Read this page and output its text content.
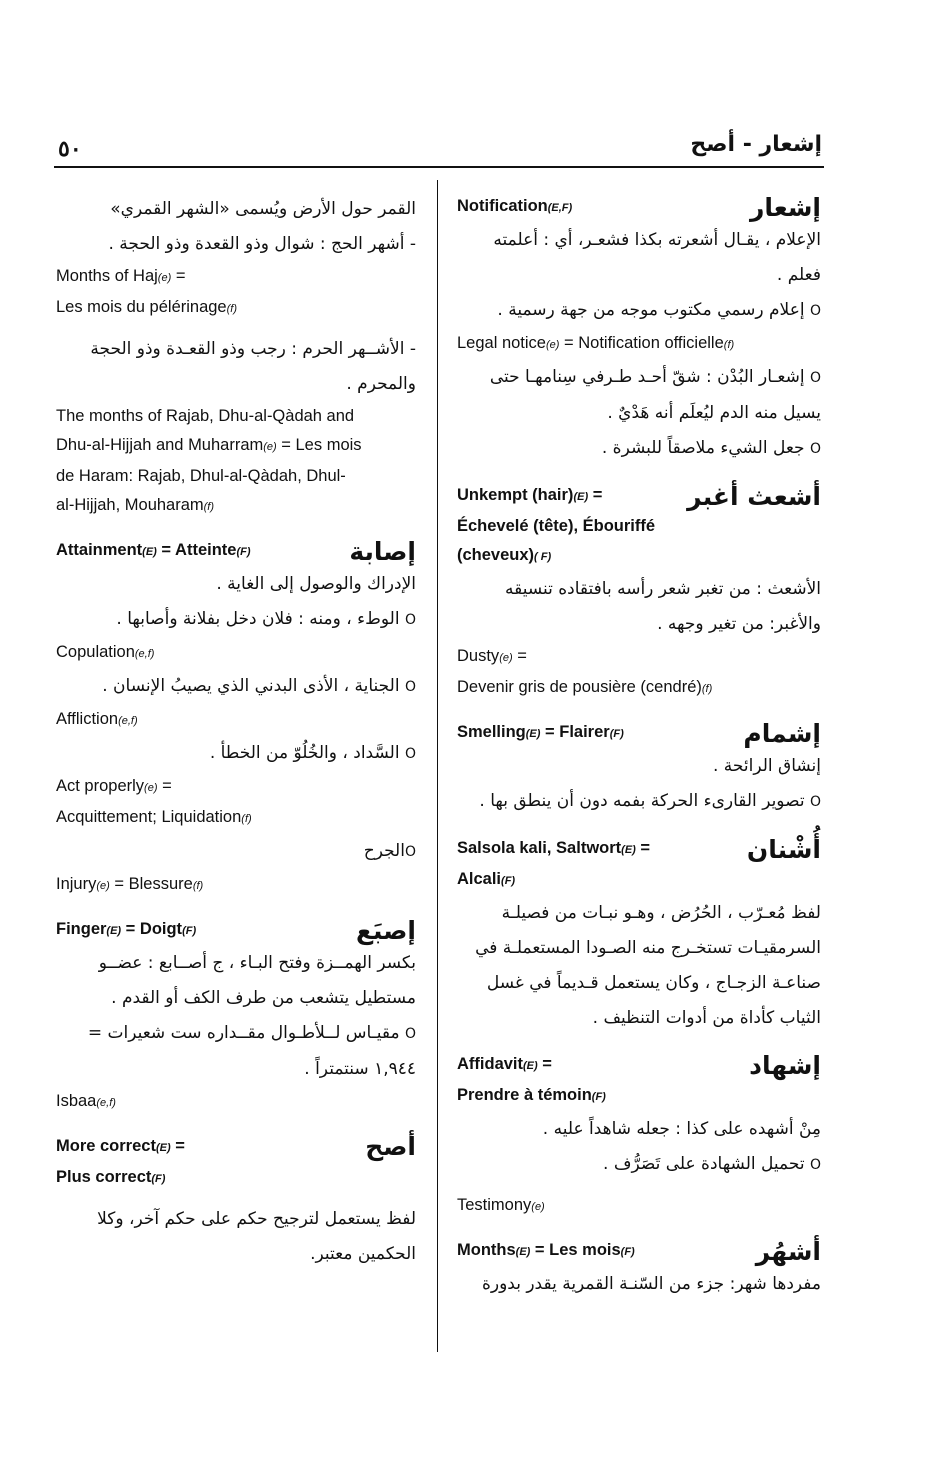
٥٠	إشعار - أصح

القمر حول الأرض ويُسمى «الشهر القمري»

- أشهر الحج : شوال وذو القعدة وذو الحجة .

Months of Haj(e) =

Les mois du pélérinage(f)

- الأشــهر الحرم : رجب وذو القعـدة وذو الحجة

والمحرم .

The months of Rajab, Dhu-al-Qàdah and

Dhu-al-Hijjah and Muharram(e) = Les mois

de Haram: Rajab, Dhul-al-Qàdah, Dhul-

al-Hijjah, Mouharam(f)

Attainment(E) = Atteinte(F)	إصابة

الإدراك والوصول إلى الغاية .

O الوطء ، ومنه : فلان دخل بفلانة وأصابها .

Copulation(e,f)

O الجناية ، الأذى البدني الذي يصيبُ الإنسان .

Affliction(e,f)

O السَّداد ، والخُلُوّ من الخطأ .

Act properly(e) =

Acquittement; Liquidation(f)

Oالجرح

Injury(e) = Blessure(f)

Finger(E) = Doigt(F)	إصبَع

بكسر الهمــزة وفتح البـاء ، ج أصــابع : عضــو

مستطيل يتشعب من طرف الكف أو القدم .

O مقيـاس لــلأطـوال مقــداره ست شعيرات =

١,٩٤٤ سنتمتراً .

Isbaa(e,f)

More correct(E) =
Plus correct(F)
أصح

لفظ يستعمل لترجيح حكم على حكم آخر، وكلا

الحكمين معتبر.

Notification(E,F)	إشعار

الإعلام ، يقـال أشعرته بكذا فشعـر، أي : أعلمته

فعلم .

O إعلام رسمي مكتوب موجه من جهة رسمية .

Legal notice(e) = Notification officielle(f)

O إشعـار البُدْن : شقّ أحـد طـرفي سِنامهـا حتى

يسيل منه الدم ليُعلَم أنه هَدْيٌ .

O جعل الشيء ملاصقاً للبشرة .

Unkempt (hair)(E) =	أشعث أغبر

Échevelé (tête), Ébouriffé

(cheveux)( F)

الأشعث : من تغبر شعر رأسه بافتقاده تنسيقه

والأغبر: من تغير وجهه .

Dusty(e) =

Devenir gris de pousière (cendré)(f)

Smelling(E) = Flairer(F)	إشمام

إنشاق الرائحة .

O تصوير القارىء الحركة بفمه دون أن ينطق بها .

Salsola kali, Saltwort(E) =	أُشْنان

Alcali(F)

لفظ مُعـرّب ، الحُرُض ، وهـو نبـات من فصيلـة

السرمقيـات تستخـرج منه الصـودا المستعملـة في

صناعـة الزجـاج ، وكان يستعمل قـديماً في غسل

الثياب كأداة من أدوات التنظيف .

Affidavit(E) =	إشهاد

Prendre à témoin(F)

مِنْ أشهده على كذا : جعله شاهداً عليه .

O تحميل الشهادة على تَصَرُّف .

Testimony(e)

Months(E) = Les mois(F)	أشهُر

مفردها شهر: جزء من السّنـة القمرية يقدر بدورة
